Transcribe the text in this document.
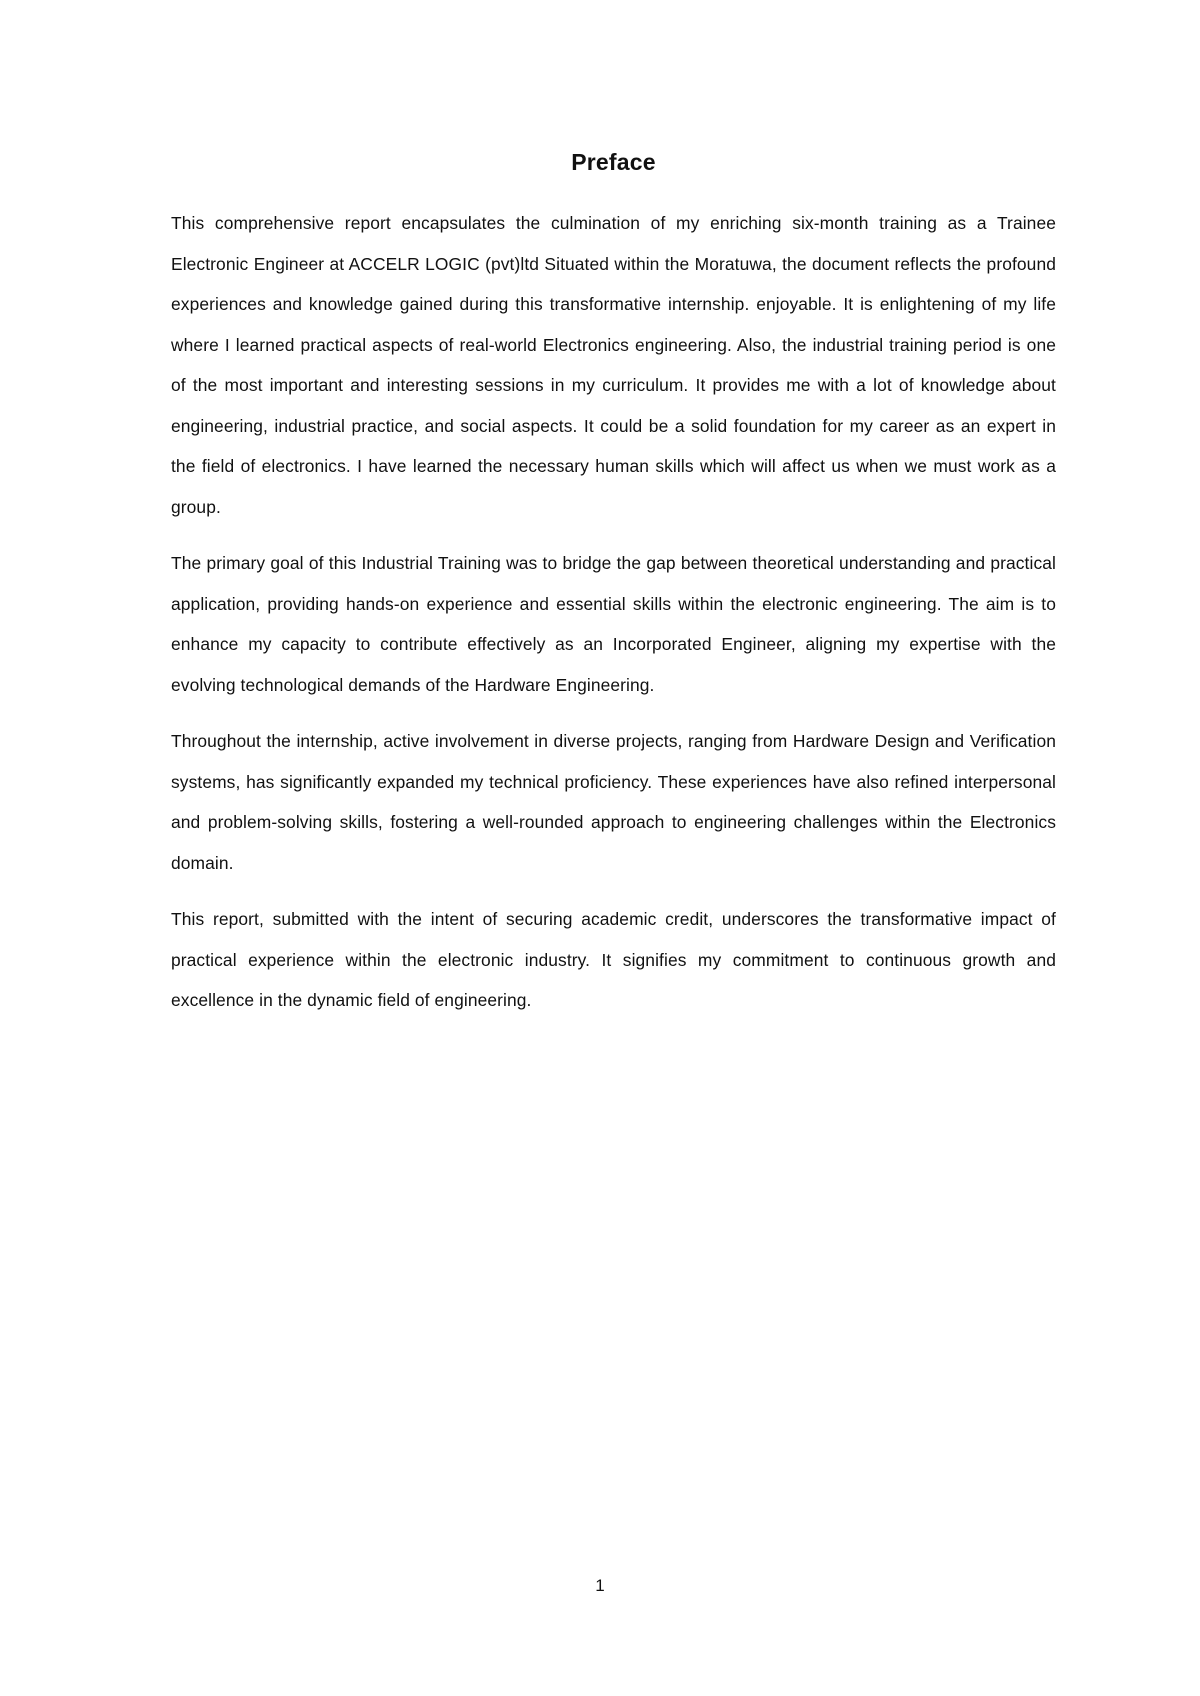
Preface

This comprehensive report encapsulates the culmination of my enriching six-month training as a Trainee Electronic Engineer at ACCELR LOGIC (pvt)ltd Situated within the Moratuwa, the document reflects the profound experiences and knowledge gained during this transformative internship. enjoyable. It is enlightening of my life where I learned practical aspects of real-world Electronics engineering. Also, the industrial training period is one of the most important and interesting sessions in my curriculum. It provides me with a lot of knowledge about engineering, industrial practice, and social aspects. It could be a solid foundation for my career as an expert in the field of electronics. I have learned the necessary human skills which will affect us when we must work as a group.

The primary goal of this Industrial Training was to bridge the gap between theoretical understanding and practical application, providing hands-on experience and essential skills within the electronic engineering. The aim is to enhance my capacity to contribute effectively as an Incorporated Engineer, aligning my expertise with the evolving technological demands of the Hardware Engineering.

Throughout the internship, active involvement in diverse projects, ranging from Hardware Design and Verification systems, has significantly expanded my technical proficiency. These experiences have also refined interpersonal and problem-solving skills, fostering a well-rounded approach to engineering challenges within the Electronics domain.

This report, submitted with the intent of securing academic credit, underscores the transformative impact of practical experience within the electronic industry. It signifies my commitment to continuous growth and excellence in the dynamic field of engineering.

1
